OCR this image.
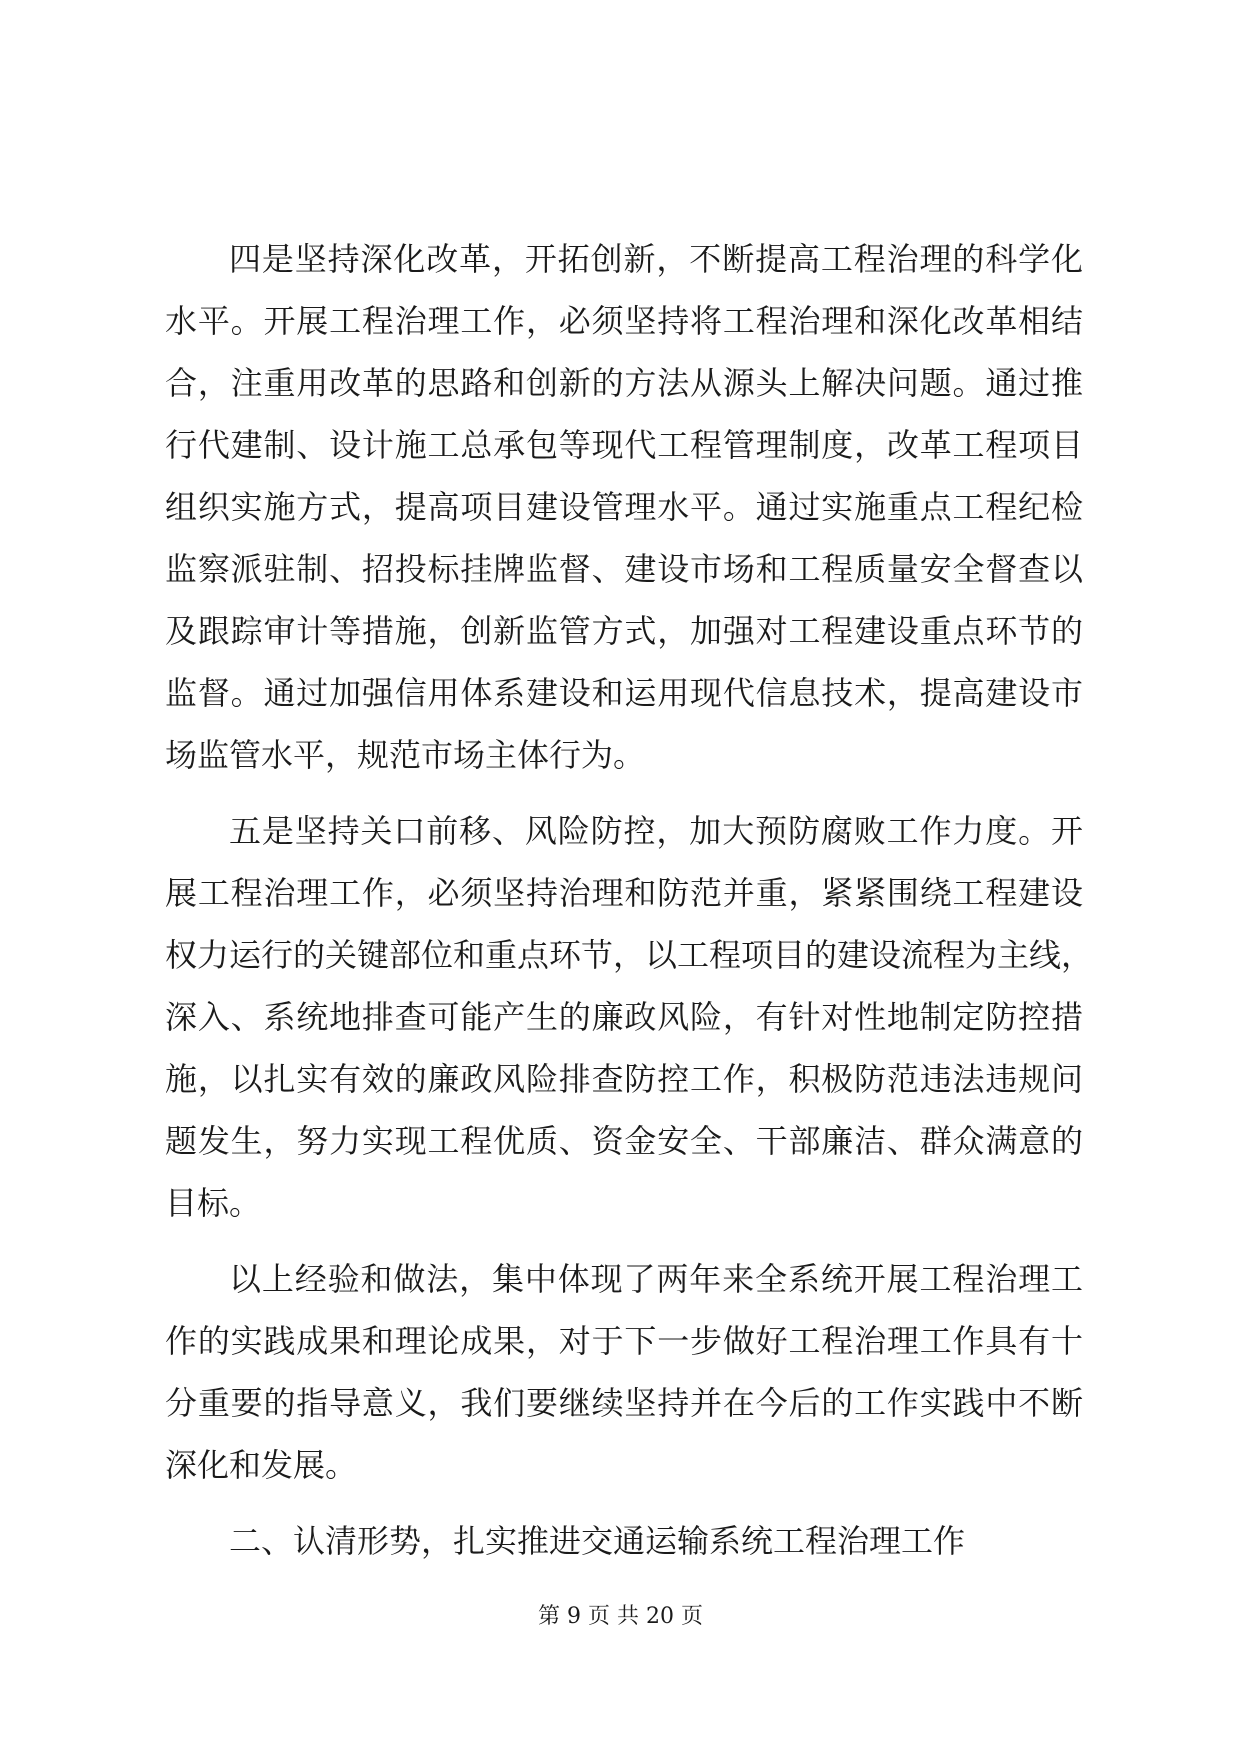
四是坚持深化改革，开拓创新，不断提高工程治理的科学化
水平。开展工程治理工作，必须坚持将工程治理和深化改革相结
合，注重用改革的思路和创新的方法从源头上解决问题。通过推
行代建制、设计施工总承包等现代工程管理制度，改革工程项目
组织实施方式，提高项目建设管理水平。通过实施重点工程纪检
监察派驻制、招投标挂牌监督、建设市场和工程质量安全督查以
及跟踪审计等措施，创新监管方式，加强对工程建设重点环节的
监督。通过加强信用体系建设和运用现代信息技术，提高建设市
场监管水平，规范市场主体行为。
五是坚持关口前移、风险防控，加大预防腐败工作力度。开
展工程治理工作，必须坚持治理和防范并重，紧紧围绕工程建设
权力运行的关键部位和重点环节，以工程项目的建设流程为主线，
深入、系统地排查可能产生的廉政风险，有针对性地制定防控措
施，以扎实有效的廉政风险排查防控工作，积极防范违法违规问
题发生，努力实现工程优质、资金安全、干部廉洁、群众满意的
目标。
以上经验和做法，集中体现了两年来全系统开展工程治理工
作的实践成果和理论成果，对于下一步做好工程治理工作具有十
分重要的指导意义，我们要继续坚持并在今后的工作实践中不断
深化和发展。
二、认清形势，扎实推进交通运输系统工程治理工作
第 9 页 共 20 页
